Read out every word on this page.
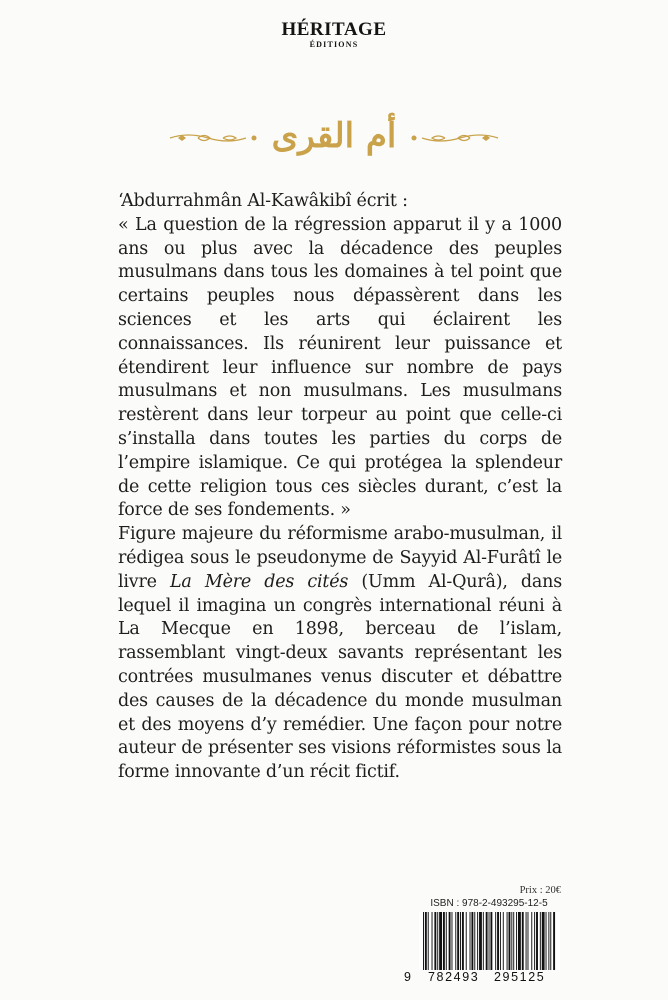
HÉRITAGE
ÉDITIONS
أم القرى

‘Abdurrahmân Al-Kawâkibî écrit :

« La question de la régression apparut il y a 1000 ans ou plus avec la décadence des peuples musulmans dans tous les domaines à tel point que certains peuples nous dépassèrent dans les sciences et les arts qui éclairent les connaissances. Ils réunirent leur puissance et étendirent leur influence sur nombre de pays musulmans et non musulmans. Les musulmans restèrent dans leur torpeur au point que celle-ci s’installa dans toutes les parties du corps de l’empire islamique. Ce qui protégea la splendeur de cette religion tous ces siècles durant, c’est la force de ses fondements. »

Figure majeure du réformisme arabo-musulman, il rédigea sous le pseudonyme de Sayyid Al-Furâtî le livre La Mère des cités (Umm Al-Qurâ), dans lequel il imagina un congrès international réuni à La Mecque en 1898, berceau de l’islam, rassemblant vingt-deux savants représentant les contrées musulmanes venus discuter et débattre des causes de la décadence du monde musulman et des moyens d’y remédier. Une façon pour notre auteur de présenter ses visions réformistes sous la forme innovante d’un récit fictif.

Prix : 20€
ISBN : 978-2-493295-12-5
9 782493 295125
